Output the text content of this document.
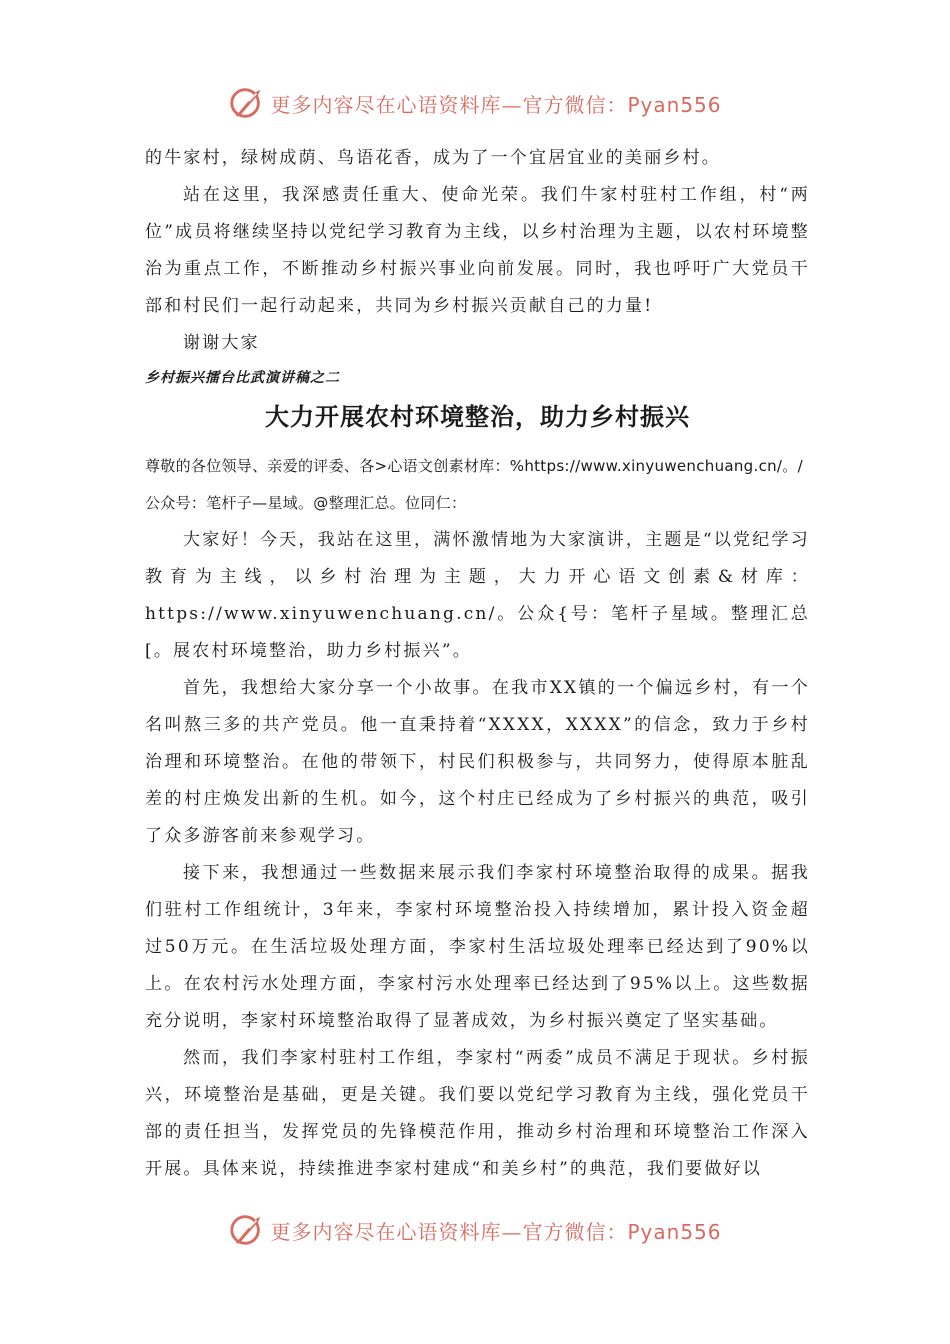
更多内容尽在心语资料库—官方微信：Pyan556

的牛家村，绿树成荫、鸟语花香，成为了一个宜居宜业的美丽乡村。

站在这里，我深感责任重大、使命光荣。我们牛家村驻村工作组，村“两位”成员将继续坚持以党纪学习教育为主线，以乡村治理为主题，以农村环境整治为重点工作，不断推动乡村振兴事业向前发展。同时，我也呼吁广大党员干部和村民们一起行动起来，共同为乡村振兴贡献自己的力量!

谢谢大家

乡村振兴擂台比武演讲稿之二
大力开展农村环境整治，助力乡村振兴

尊敬的各位领导、亲爱的评委、各>心语文创素材库：%https://www.xinyuwenchuang.cn/。/

公众号：笔杆子—星域。@整理汇总。位同仁：

大家好！今天，我站在这里，满怀激情地为大家演讲，主题是“以党纪学习教育为主线，以乡村治理为主题，大力开心语文创素&材库：https://www.xinyuwenchuang.cn/。公众{号：笔杆子星域。整理汇总[。展农村环境整治，助力乡村振兴”。

首先，我想给大家分享一个小故事。在我市XX镇的一个偏远乡村，有一个名叫熬三多的共产党员。他一直秉持着“XXXX，XXXX”的信念，致力于乡村治理和环境整治。在他的带领下，村民们积极参与，共同努力，使得原本脏乱差的村庄焕发出新的生机。如今，这个村庄已经成为了乡村振兴的典范，吸引了众多游客前来参观学习。

接下来，我想通过一些数据来展示我们李家村环境整治取得的成果。据我们驻村工作组统计，3年来，李家村环境整治投入持续增加，累计投入资金超过50万元。在生活垃圾处理方面，李家村生活垃圾处理率已经达到了90%以上。在农村污水处理方面，李家村污水处理率已经达到了95%以上。这些数据充分说明，李家村环境整治取得了显著成效，为乡村振兴奠定了坚实基础。

然而，我们李家村驻村工作组，李家村“两委”成员不满足于现状。乡村振兴，环境整治是基础，更是关键。我们要以党纪学习教育为主线，强化党员干部的责任担当，发挥党员的先锋模范作用，推动乡村治理和环境整治工作深入开展。具体来说，持续推进李家村建成“和美乡村”的典范，我们要做好以

更多内容尽在心语资料库—官方微信：Pyan556
